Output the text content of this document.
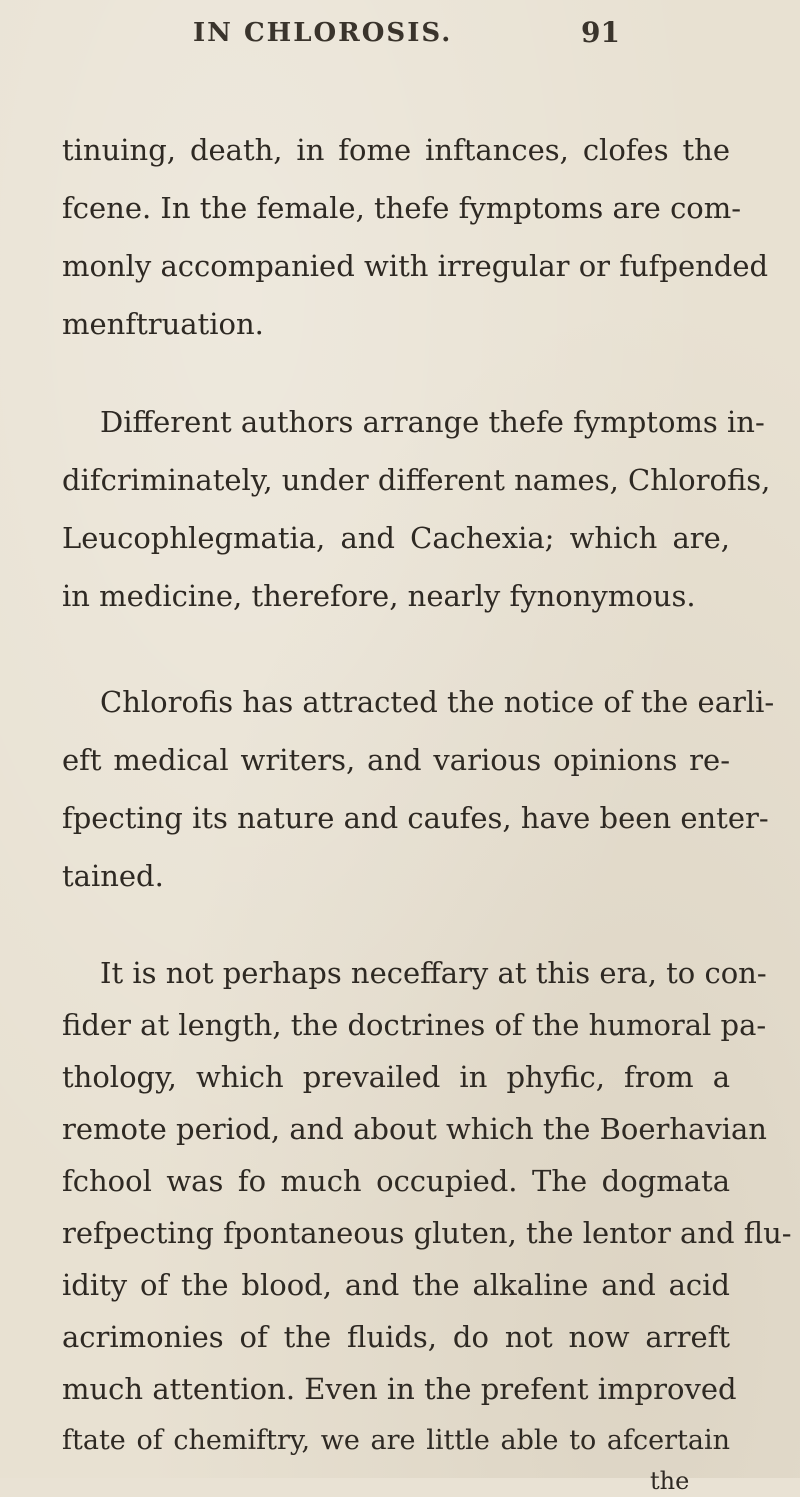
IN CHLOROSIS.	91
tinuing, death, in fome inftances, clofes the
fcene. In the female, thefe fymptoms are com-
monly accompanied with irregular or fufpended
menftruation.
Different authors arrange thefe fymptoms in-
difcriminately, under different names, Chlorofis,
Leucophlegmatia, and Cachexia; which are,
in medicine, therefore, nearly fynonymous.
Chlorofis has attracted the notice of the earli-
eft medical writers, and various opinions re-
fpecting its nature and caufes, have been enter-
tained.
It is not perhaps neceffary at this era, to con-
fider at length, the doctrines of the humoral pa-
thology, which prevailed in phyfic, from a
remote period, and about which the Boerhavian
fchool was fo much occupied. The dogmata
refpecting fpontaneous gluten, the lentor and flu-
idity of the blood, and the alkaline and acid
acrimonies of the fluids, do not now arreft
much attention. Even in the prefent improved
ftate of chemiftry, we are little able to afcertain
the
